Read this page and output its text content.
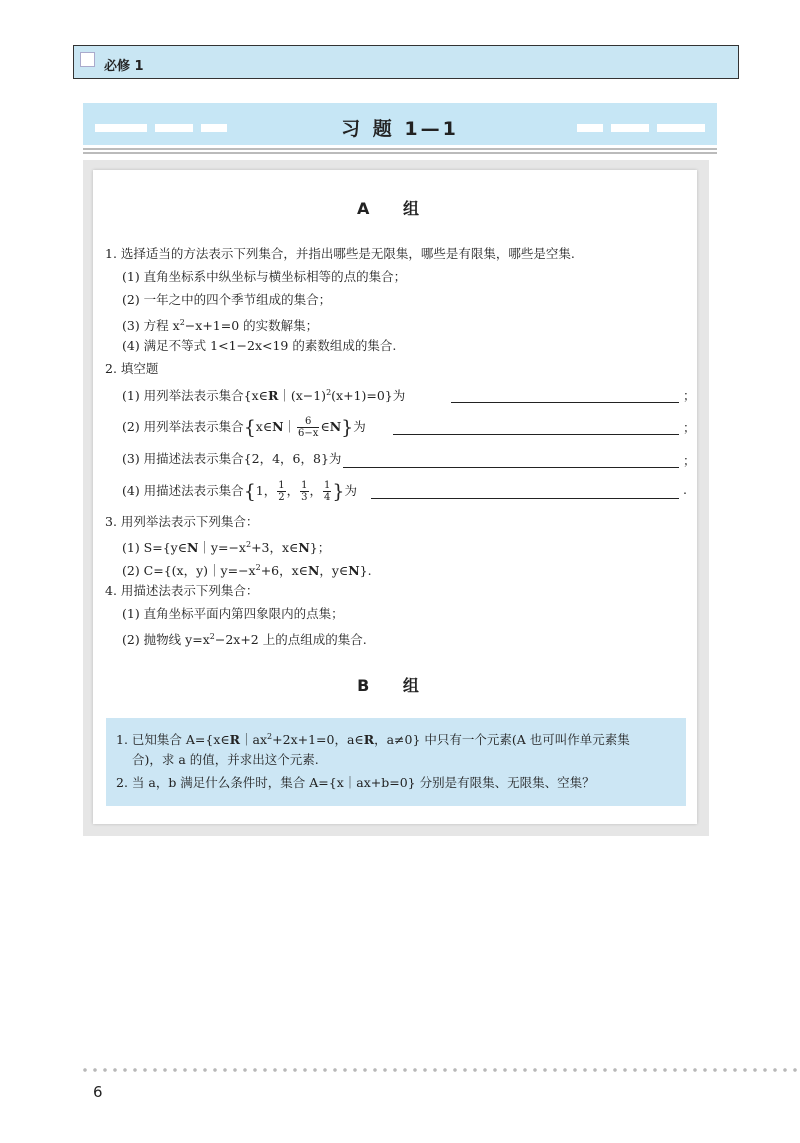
必修 1
习 题 1—1
A 组
1. 选择适当的方法表示下列集合，并指出哪些是无限集，哪些是有限集，哪些是空集.
(1) 直角坐标系中纵坐标与横坐标相等的点的集合；
(2) 一年之中的四个季节组成的集合；
(3) 方程 $x^2-x+1=0$ 的实数解集；
(4) 满足不等式 1<1−2x<19 的素数组成的集合.
2. 填空题
(1) 用列举法表示集合$\{x\in R|(x-1)^2(x+1)=0\}$为	；
(2) 用列举法表示集合{x∈N｜ $\frac{6}{6-x}$ ∈N}为	；
(3) 用描述法表示集合{2，4，6，8}为	；
(4) 用描述法表示集合{1， $\frac{1}{2}$ ， $\frac{1}{3}$ ， $\frac{1}{4}$ }为	.
3. 用列举法表示下列集合：
(1) $S=\{y\in N|y=-x^2+3$，x∈N}；
(2) C={(x，$y)|y=-x^2+6$，x∈N，y∈N}.
4. 用描述法表示下列集合：
(1) 直角坐标平面内第四象限内的点集；
(2) 抛物线 $y=x^2-2x+2$ 上的点组成的集合.
B 组
1. 已知集合 $A=\{x\in R|ax^2+2x+1=0$，a∈R，a≠0} 中只有一个元素(A 也可叫作单元素集
合)，求 a 的值，并求出这个元素.
2. 当 a，b 满足什么条件时，集合 A={x｜ax+b=0} 分别是有限集、无限集、空集？
6
